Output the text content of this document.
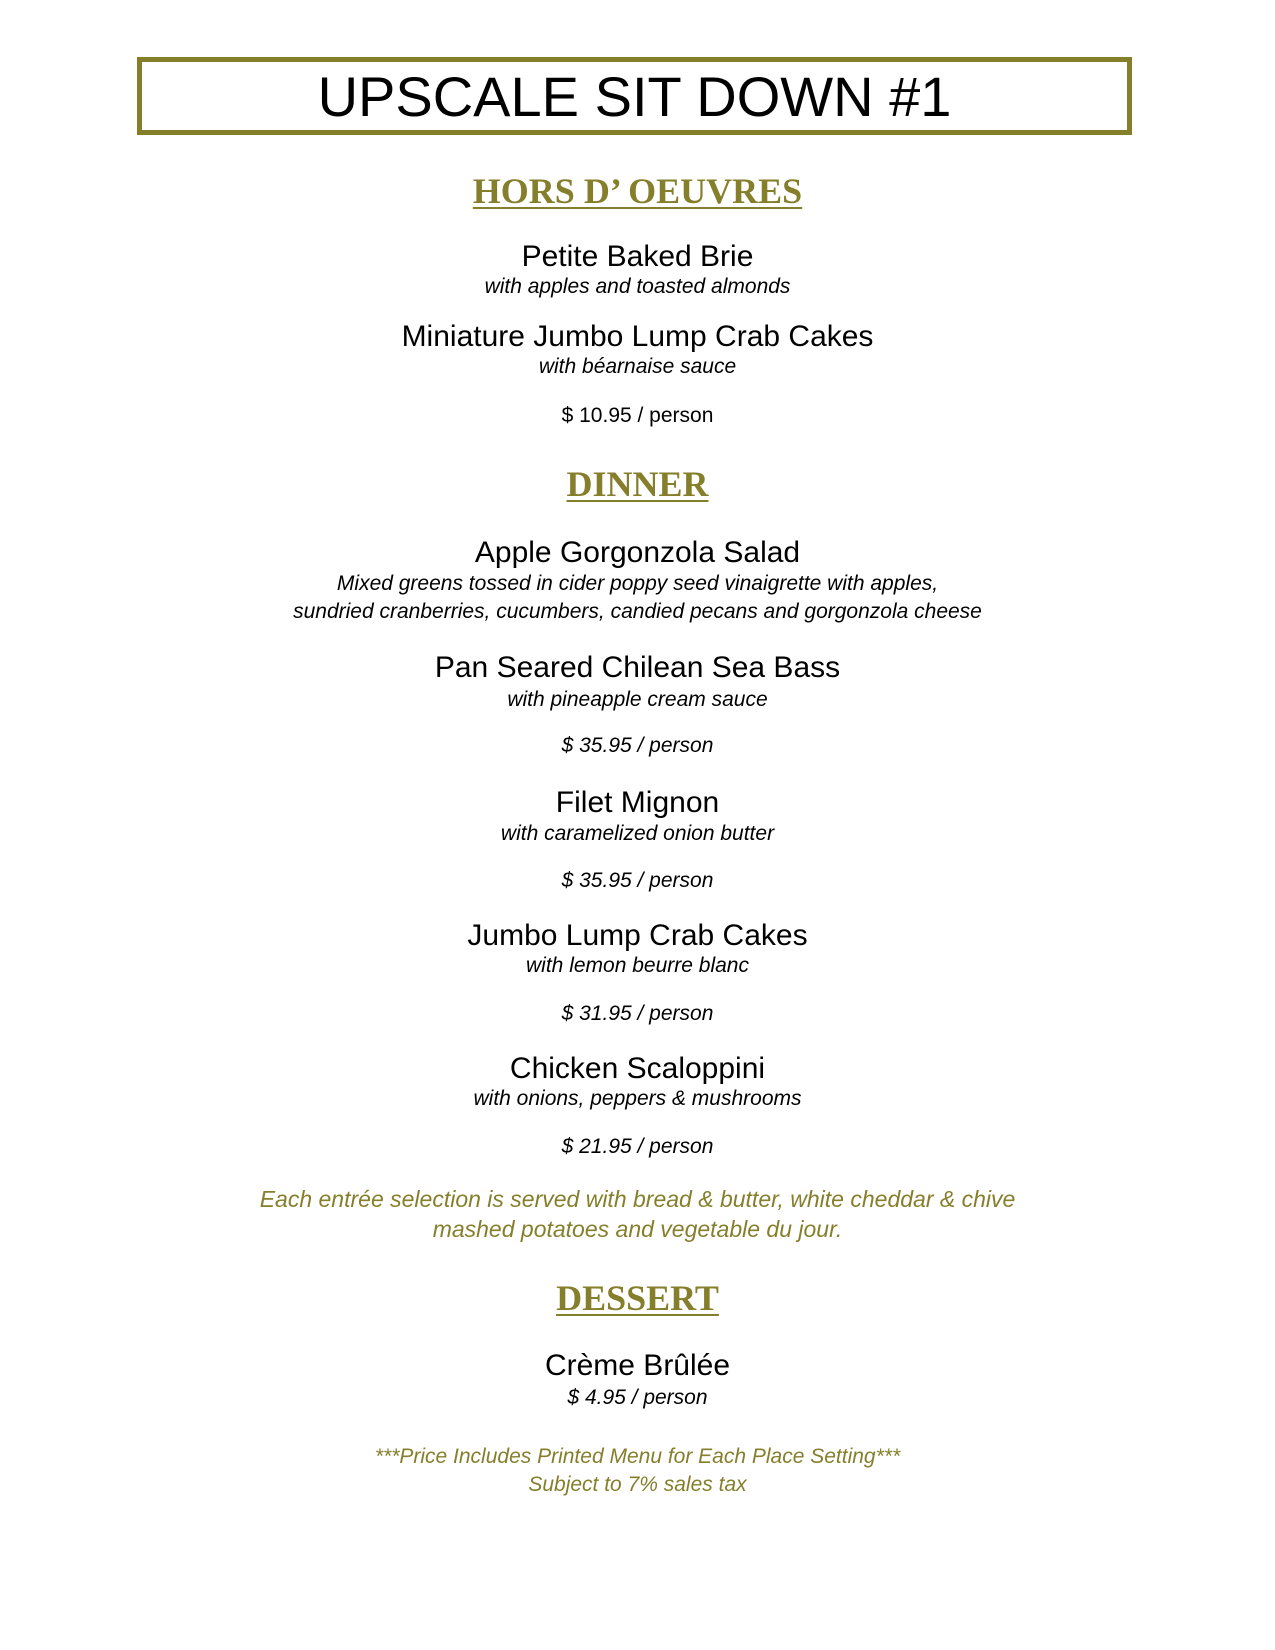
UPSCALE SIT DOWN #1
HORS D’ OEUVRES
Petite Baked Brie
with apples and toasted almonds
Miniature Jumbo Lump Crab Cakes
with béarnaise sauce
$ 10.95 / person
DINNER
Apple Gorgonzola Salad
Mixed greens tossed in cider poppy seed vinaigrette with apples,
sundried cranberries, cucumbers, candied pecans and gorgonzola cheese
Pan Seared Chilean Sea Bass
with pineapple cream sauce
$ 35.95 / person
Filet Mignon
with caramelized onion butter
$ 35.95 / person
Jumbo Lump Crab Cakes
with lemon beurre blanc
$ 31.95 / person
Chicken Scaloppini
with onions, peppers & mushrooms
$ 21.95 / person
Each entrée selection is served with bread & butter, white cheddar & chive
mashed potatoes and vegetable du jour.
DESSERT
Crème Brûlée
$ 4.95 / person
***Price Includes Printed Menu for Each Place Setting***
Subject to 7% sales tax
